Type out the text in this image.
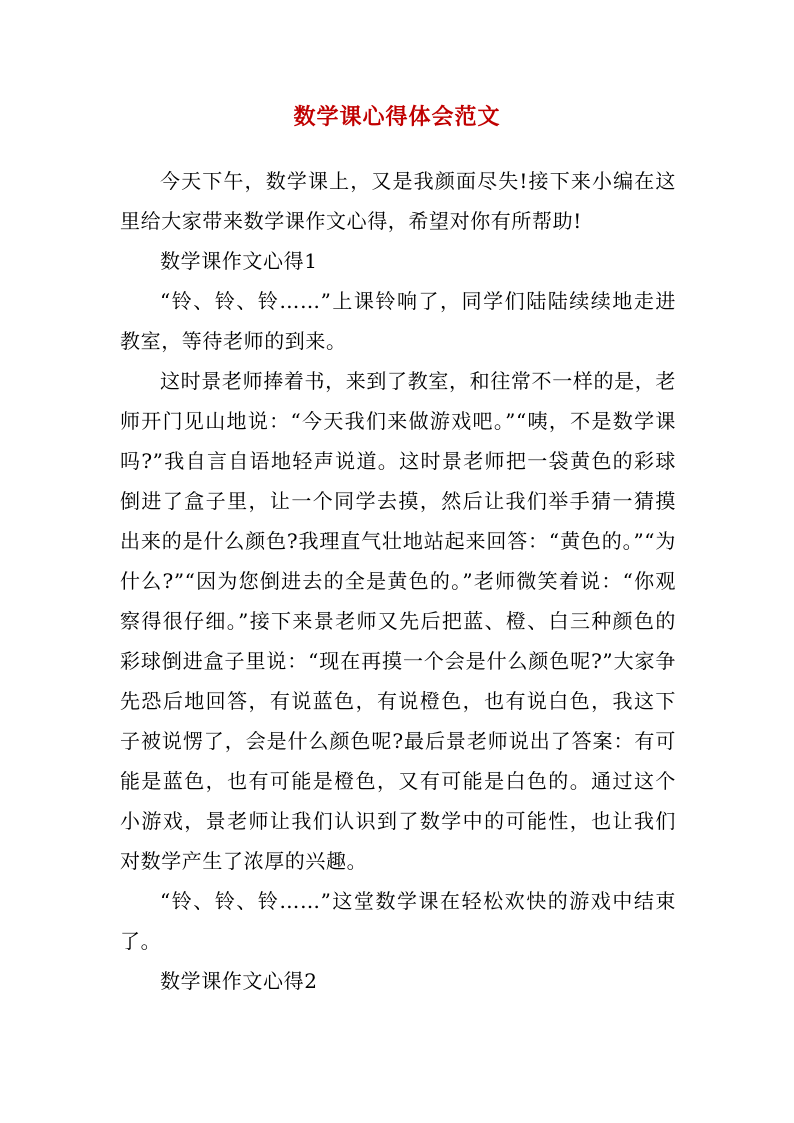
数学课心得体会范文

今天下午，数学课上，又是我颜面尽失!接下来小编在这里给大家带来数学课作文心得，希望对你有所帮助!

数学课作文心得1

“铃、铃、铃……”上课铃响了，同学们陆陆续续地走进教室，等待老师的到来。

这时景老师捧着书，来到了教室，和往常不一样的是，老师开门见山地说：“今天我们来做游戏吧。”“咦，不是数学课吗?”我自言自语地轻声说道。这时景老师把一袋黄色的彩球倒进了盒子里，让一个同学去摸，然后让我们举手猜一猜摸出来的是什么颜色?我理直气壮地站起来回答：“黄色的。”“为什么?”“因为您倒进去的全是黄色的。”老师微笑着说：“你观察得很仔细。”接下来景老师又先后把蓝、橙、白三种颜色的彩球倒进盒子里说：“现在再摸一个会是什么颜色呢?”大家争先恐后地回答，有说蓝色，有说橙色，也有说白色，我这下子被说愣了，会是什么颜色呢?最后景老师说出了答案：有可能是蓝色，也有可能是橙色，又有可能是白色的。通过这个小游戏，景老师让我们认识到了数学中的可能性，也让我们对数学产生了浓厚的兴趣。

“铃、铃、铃……”这堂数学课在轻松欢快的游戏中结束了。

数学课作文心得2
